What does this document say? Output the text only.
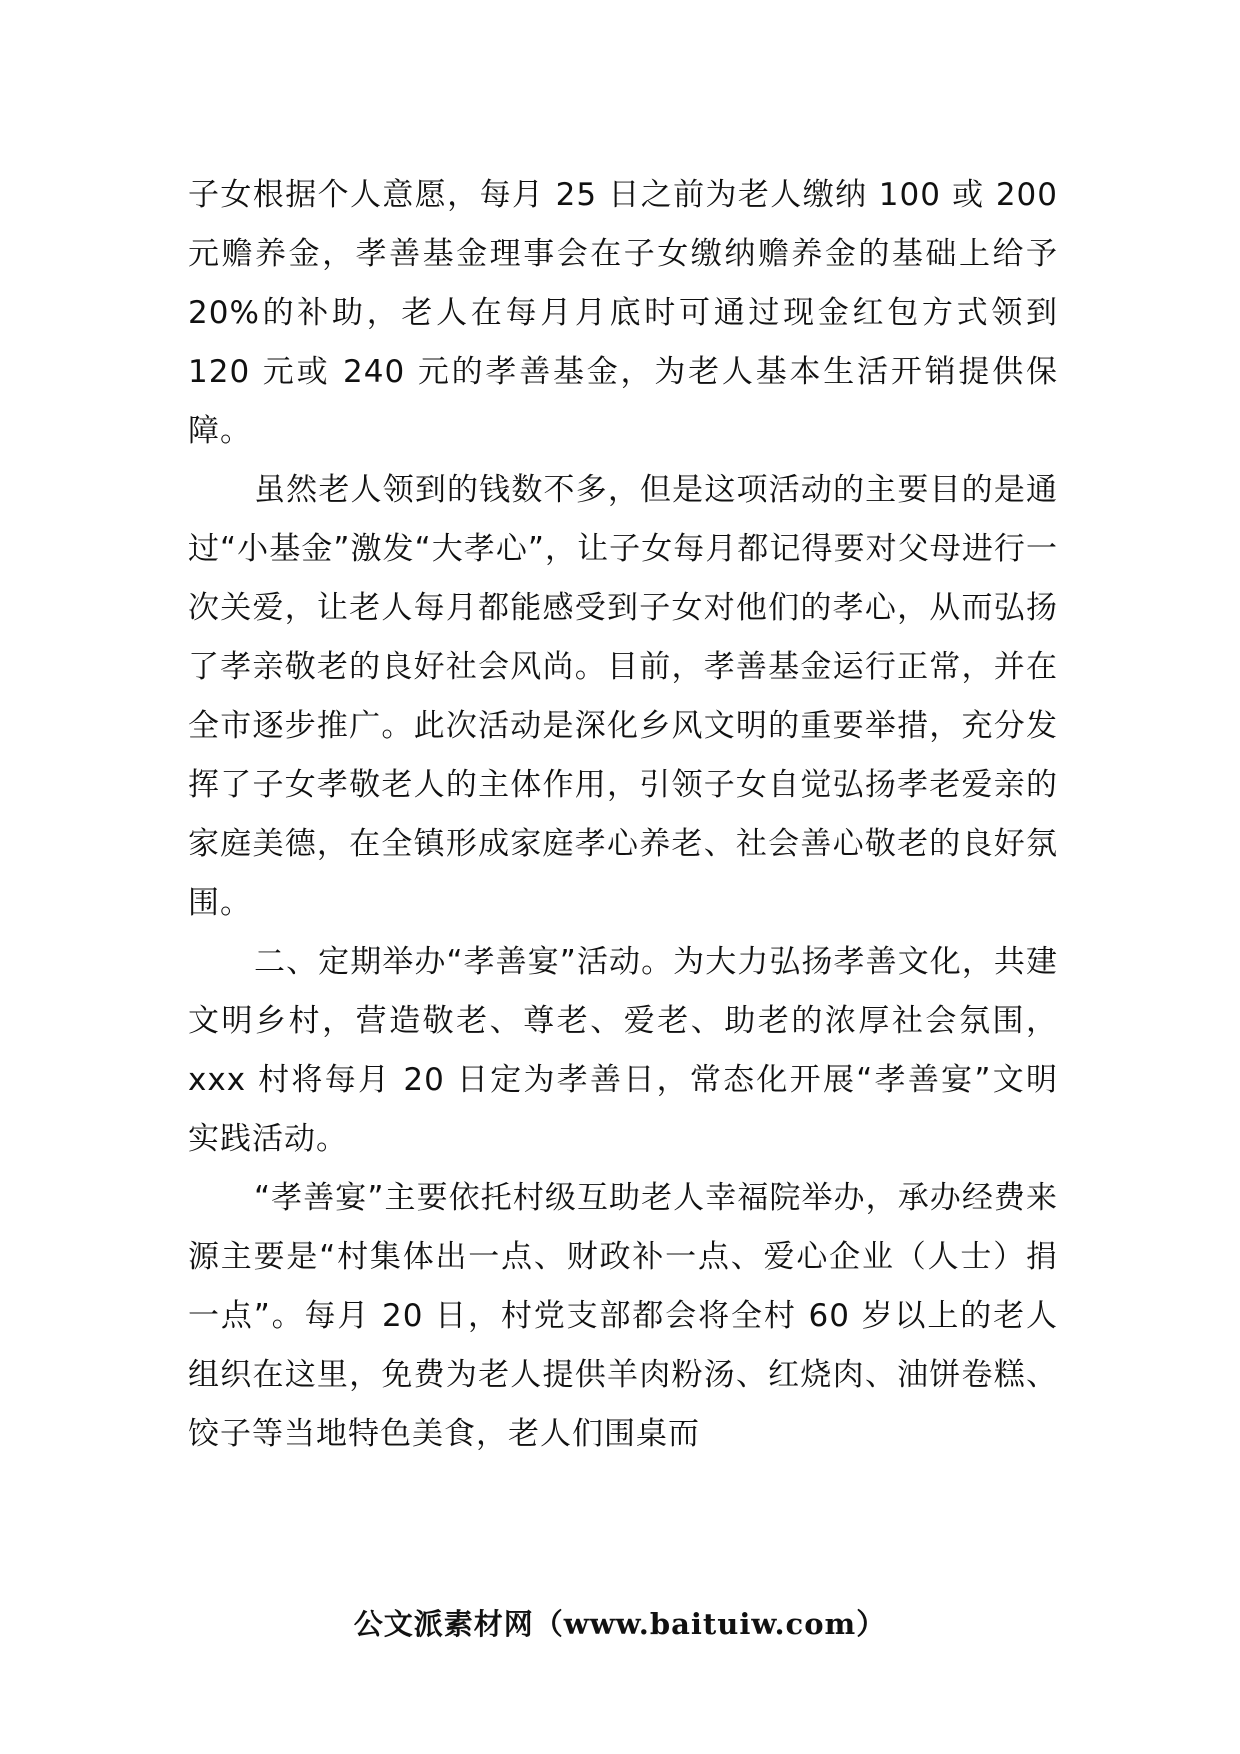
子女根据个人意愿，每月 25 日之前为老人缴纳 100 或 200 元赡养金，孝善基金理事会在子女缴纳赡养金的基础上给予 20%的补助，老人在每月月底时可通过现金红包方式领到 120 元或 240 元的孝善基金，为老人基本生活开销提供保障。

虽然老人领到的钱数不多，但是这项活动的主要目的是通过“小基金”激发“大孝心”，让子女每月都记得要对父母进行一次关爱，让老人每月都能感受到子女对他们的孝心，从而弘扬了孝亲敬老的良好社会风尚。目前，孝善基金运行正常，并在全市逐步推广。此次活动是深化乡风文明的重要举措，充分发挥了子女孝敬老人的主体作用，引领子女自觉弘扬孝老爱亲的家庭美德，在全镇形成家庭孝心养老、社会善心敬老的良好氛围。

二、定期举办“孝善宴”活动。为大力弘扬孝善文化，共建文明乡村，营造敬老、尊老、爱老、助老的浓厚社会氛围，xxx 村将每月 20 日定为孝善日，常态化开展“孝善宴”文明实践活动。

“孝善宴”主要依托村级互助老人幸福院举办，承办经费来源主要是“村集体出一点、财政补一点、爱心企业（人士）捐一点”。每月 20 日，村党支部都会将全村 60 岁以上的老人组织在这里，免费为老人提供羊肉粉汤、红烧肉、油饼卷糕、饺子等当地特色美食，老人们围桌而

公文派素材网（www.baituiw.com）
